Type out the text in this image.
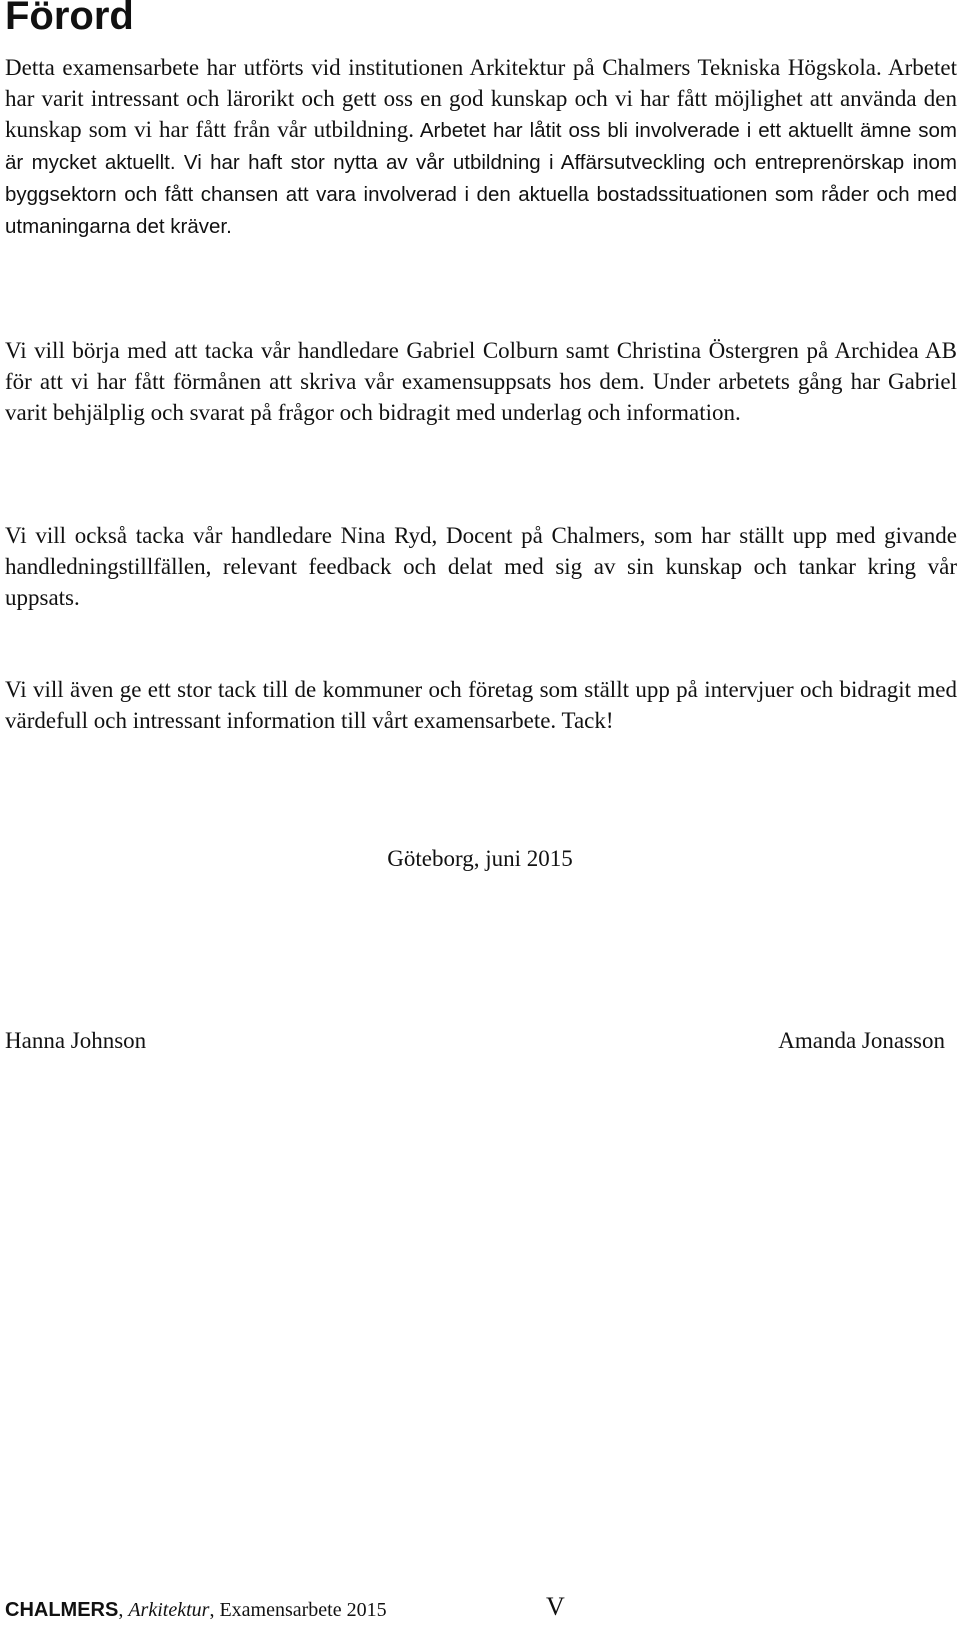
Förord

Detta examensarbete har utförts vid institutionen Arkitektur på Chalmers Tekniska Högskola. Arbetet har varit intressant och lärorikt och gett oss en god kunskap och vi har fått möjlighet att använda den kunskap som vi har fått från vår utbildning. Arbetet har låtit oss bli involverade i ett aktuellt ämne som är mycket aktuellt. Vi har haft stor nytta av vår utbildning i Affärsutveckling och entreprenörskap inom byggsektorn och fått chansen att vara involverad i den aktuella bostadssituationen som råder och med utmaningarna det kräver.

Vi vill börja med att tacka vår handledare Gabriel Colburn samt Christina Östergren på Archidea AB för att vi har fått förmånen att skriva vår examensuppsats hos dem. Under arbetets gång har Gabriel varit behjälplig och svarat på frågor och bidragit med underlag och information.

Vi vill också tacka vår handledare Nina Ryd, Docent på Chalmers, som har ställt upp med givande handledningstillfällen, relevant feedback och delat med sig av sin kunskap och tankar kring vår uppsats.

Vi vill även ge ett stor tack till de kommuner och företag som ställt upp på intervjuer och bidragit med värdefull och intressant information till vårt examensarbete. Tack!

Göteborg, juni 2015
Hanna Johnson	Amanda Jonasson
CHALMERS, Arkitektur, Examensarbete 2015	V
